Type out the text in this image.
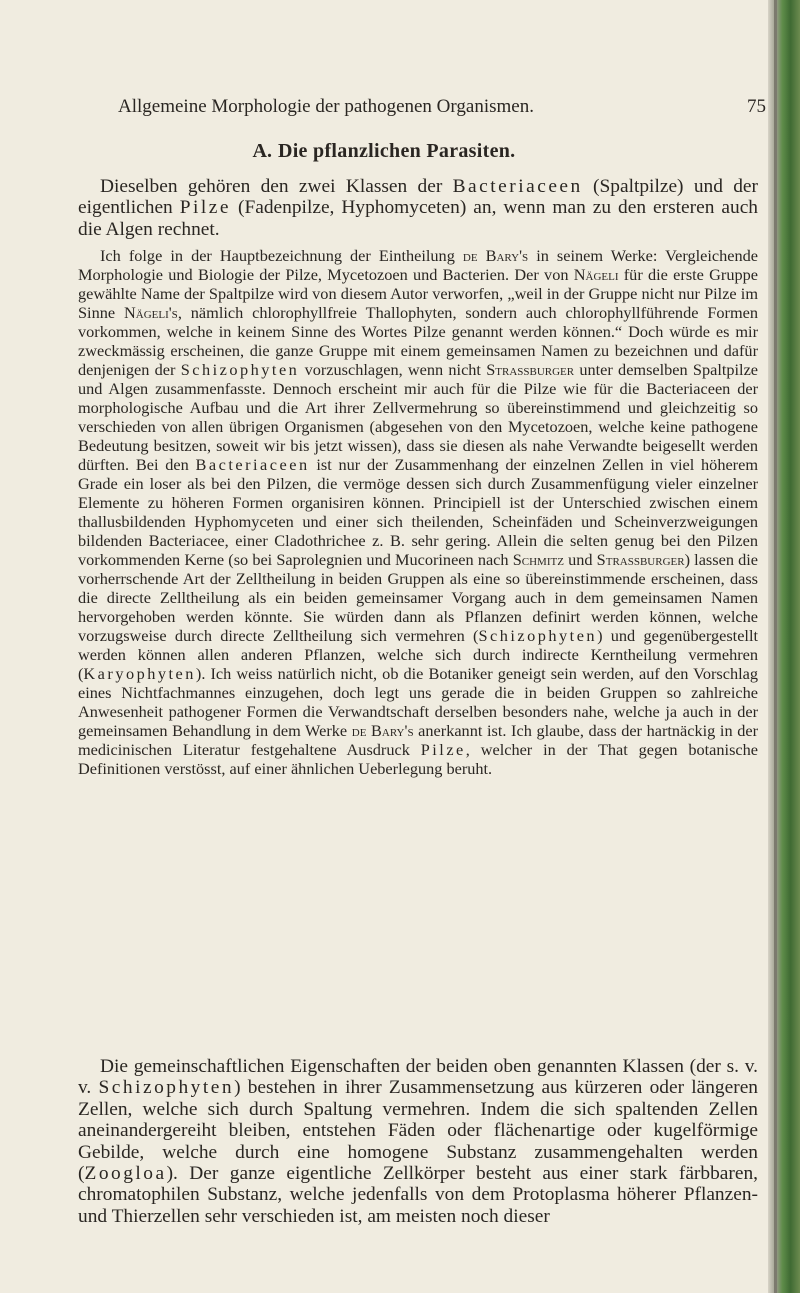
Allgemeine Morphologie der pathogenen Organismen.	75
A. Die pflanzlichen Parasiten.

Dieselben gehören den zwei Klassen der Bacteriaceen (Spaltpilze) und der eigentlichen Pilze (Fadenpilze, Hyphomyceten) an, wenn man zu den ersteren auch die Algen rechnet.

Ich folge in der Hauptbezeichnung der Eintheilung de Bary's in seinem Werke: Vergleichende Morphologie und Biologie der Pilze, Mycetozoen und Bacterien. Der von Nägeli für die erste Gruppe gewählte Name der Spaltpilze wird von diesem Autor verworfen, „weil in der Gruppe nicht nur Pilze im Sinne Nägeli's, nämlich chlorophyllfreie Thallophyten, sondern auch chlorophyllführende Formen vorkommen, welche in keinem Sinne des Wortes Pilze genannt werden können.“ Doch würde es mir zweckmässig erscheinen, die ganze Gruppe mit einem gemeinsamen Namen zu bezeichnen und dafür denjenigen der Schizophyten vorzuschlagen, wenn nicht Strassburger unter demselben Spaltpilze und Algen zusammenfasste. Dennoch erscheint mir auch für die Pilze wie für die Bacteriaceen der morphologische Aufbau und die Art ihrer Zellvermehrung so übereinstimmend und gleichzeitig so verschieden von allen übrigen Organismen (abgesehen von den Mycetozoen, welche keine pathogene Bedeutung besitzen, soweit wir bis jetzt wissen), dass sie diesen als nahe Verwandte beigesellt werden dürften. Bei den Bacteriaceen ist nur der Zusammenhang der einzelnen Zellen in viel höherem Grade ein loser als bei den Pilzen, die vermöge dessen sich durch Zusammenfügung vieler einzelner Elemente zu höheren Formen organisiren können. Principiell ist der Unterschied zwischen einem thallusbildenden Hyphomyceten und einer sich theilenden, Scheinfäden und Scheinverzweigungen bildenden Bacteriacee, einer Cladothrichee z. B. sehr gering. Allein die selten genug bei den Pilzen vorkommenden Kerne (so bei Saprolegnien und Mucorineen nach Schmitz und Strassburger) lassen die vorherrschende Art der Zelltheilung in beiden Gruppen als eine so übereinstimmende erscheinen, dass die directe Zelltheilung als ein beiden gemeinsamer Vorgang auch in dem gemeinsamen Namen hervorgehoben werden könnte. Sie würden dann als Pflanzen definirt werden können, welche vorzugsweise durch directe Zelltheilung sich vermehren (Schizophyten) und gegenübergestellt werden können allen anderen Pflanzen, welche sich durch indirecte Kerntheilung vermehren (Karyophyten). Ich weiss natürlich nicht, ob die Botaniker geneigt sein werden, auf den Vorschlag eines Nichtfachmannes einzugehen, doch legt uns gerade die in beiden Gruppen so zahlreiche Anwesenheit pathogener Formen die Verwandtschaft derselben besonders nahe, welche ja auch in der gemeinsamen Behandlung in dem Werke de Bary's anerkannt ist. Ich glaube, dass der hartnäckig in der medicinischen Literatur festgehaltene Ausdruck Pilze, welcher in der That gegen botanische Definitionen verstösst, auf einer ähnlichen Ueberlegung beruht.

Die gemeinschaftlichen Eigenschaften der beiden oben genannten Klassen (der s. v. v. Schizophyten) bestehen in ihrer Zusammensetzung aus kürzeren oder längeren Zellen, welche sich durch Spaltung vermehren. Indem die sich spaltenden Zellen aneinandergereiht bleiben, entstehen Fäden oder flächenartige oder kugelförmige Gebilde, welche durch eine homogene Substanz zusammengehalten werden (Zoogloa). Der ganze eigentliche Zellkörper besteht aus einer stark färbbaren, chromatophilen Substanz, welche jedenfalls von dem Protoplasma höherer Pflanzen- und Thierzellen sehr verschieden ist, am meisten noch dieser
